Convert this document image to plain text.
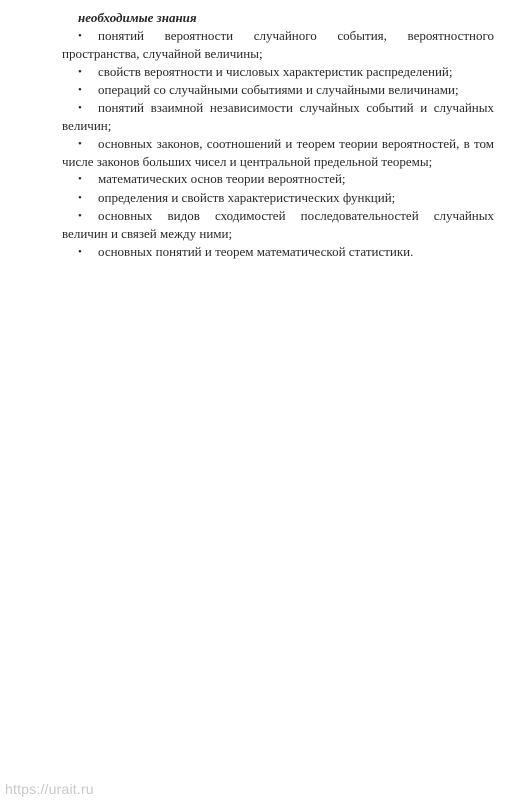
необходимые знания

• понятий вероятности случайного события, вероятностного пространства, случайной величины;

• свойств вероятности и числовых характеристик распределений;

• операций со случайными событиями и случайными величинами;

• понятий взаимной независимости случайных событий и случайных величин;

• основных законов, соотношений и теорем теории вероятностей, в том числе законов больших чисел и центральной предельной теоремы;

• математических основ теории вероятностей;

• определения и свойств характеристических функций;

• основных видов сходимостей последовательностей случайных величин и связей между ними;

• основных понятий и теорем математической статистики.

https://urait.ru
